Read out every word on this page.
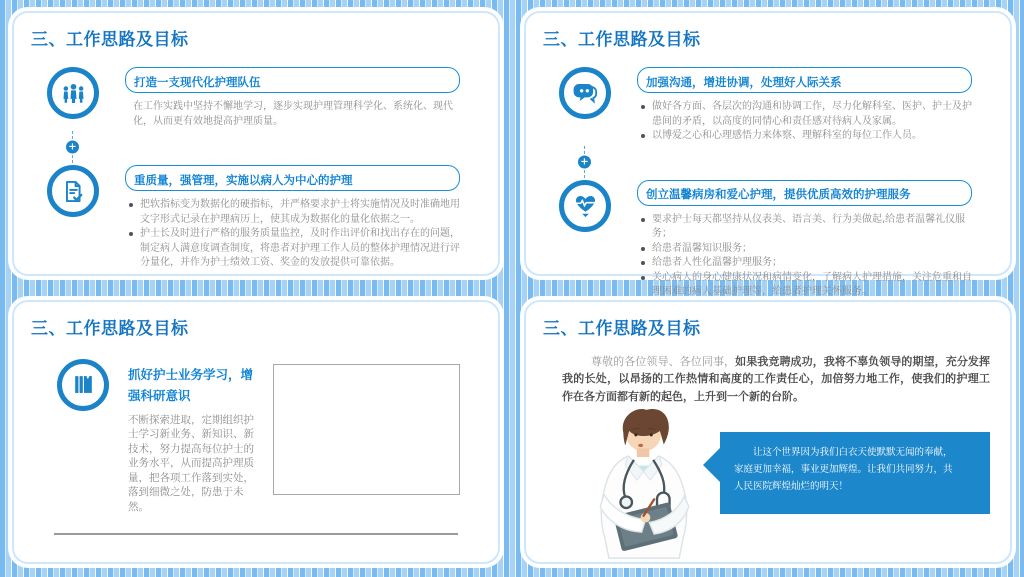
三、工作思路及目标
打造一支现代化护理队伍

在工作实践中坚持不懈地学习，逐步实现护理管理科学化、系统化、现代化，从而更有效地提高护理质量。

+
重质量，强管理，实施以病人为中心的护理
把软指标变为数据化的硬指标，并严格要求护士将实施情况及时准确地用文字形式记录在护理病历上，使其成为数据化的量化依据之一。
护士长及时进行严格的服务质量监控，及时作出评价和找出存在的问题，制定病人满意度调查制度，将患者对护理工作人员的整体护理情况进行评分量化，并作为护士绩效工资、奖金的发放提供可靠依据。
三、工作思路及目标
加强沟通，增进协调，处理好人际关系
做好各方面、各层次的沟通和协调工作，尽力化解科室、医护、护士及护患间的矛盾，以高度的同情心和责任感对待病人及家属。
以博爱之心和心理感悟力来体察、理解科室的每位工作人员。
+
创立温馨病房和爱心护理，提供优质高效的护理服务
要求护士每天都坚持从仪表美、语言美、行为美做起,给患者温馨礼仪服务；
给患者温馨知识服务；
给患者人性化温馨护理服务；
关心病人的身心健康状况和病情变化，了解病人护理措施，关注危重和自理困难的病人基础护理等，给患者护理关怀服务。
三、工作思路及目标
抓好护士业务学习，增强科研意识

不断探索进取，定期组织护士学习新业务、新知识、新技术，努力提高每位护士的业务水平，从而提高护理质量，把各项工作落到实处，落到细微之处，防患于未然。

三、工作思路及目标

尊敬的各位领导、各位同事，如果我竞聘成功，我将不辜负领导的期望，充分发挥我的长处，以昂扬的工作热情和高度的工作责任心，加倍努力地工作，使我们的护理工作在各方面都有新的起色，上升到一个新的台阶。

让这个世界因为我们白衣天使默默无闻的奉献，
家庭更加幸福，事业更加辉煌。让我们共同努力，共
人民医院辉煌灿烂的明天！
